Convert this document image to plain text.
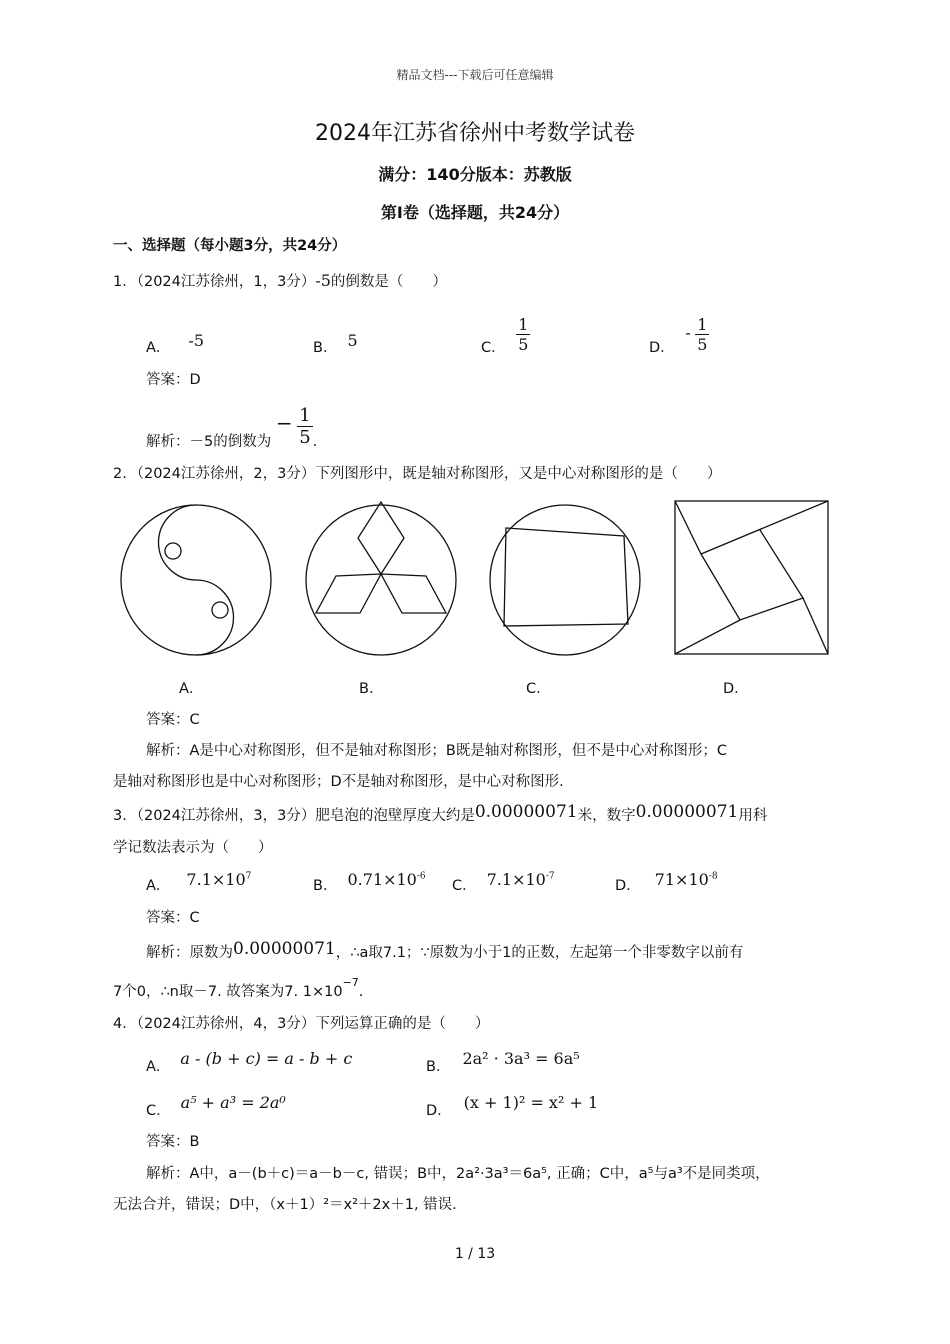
精品文档---下载后可任意编辑
2024年江苏省徐州中考数学试卷
满分：140分版本：苏教版
第I卷（选择题，共24分）
一、选择题（每小题3分，共24分）
1．（2024江苏徐州，1，3分）-5的倒数是（　　）
A． -5	B． 5	C． $\frac{1}{5}$	D． - $\frac{1}{5}$
答案：D
解析：－5的倒数为 − $\frac{1}{5}$ .
2．（2024江苏徐州，2，3分）下列图形中，既是轴对称图形，又是中心对称图形的是（　　）
A．	B．	C．	D．
答案：C
解析：A是中心对称图形，但不是轴对称图形；B既是轴对称图形，但不是中心对称图形；C
是轴对称图形也是中心对称图形；D不是轴对称图形，是中心对称图形.
3．（2024江苏徐州，3，3分）肥皂泡的泡壁厚度大约是0.00000071米，数字0.00000071用科
学记数法表示为（　　）
A． $7.1\times 10^7$
B． $0.71\times 10^{-6}$
C． $7.1\times 10^{-7}$
D． $71\times 10^{-8}$
答案：C
解析：原数为0.00000071，∴a取7.1；∵原数为小于1的正数，左起第一个非零数字以前有
7个0，∴n取－7. 故答案为7. $1\times 10^{-7}$.
4．（2024江苏徐州，4，3分）下列运算正确的是（　　）
A． a - (b + c) = a - b + c	B． 2a² · 3a³ = 6a⁵
C． a⁵ + a³ = 2a⁰	D． (x + 1)² = x² + 1
答案：B
解析：A中，a－(b＋c)＝a－b－c, 错误；B中，2a²·3a³＝6a⁵, 正确；C中，a⁵与a³不是同类项，
无法合并，错误；D中，（x＋1）²＝x²＋2x＋1, 错误.
1 / 13
